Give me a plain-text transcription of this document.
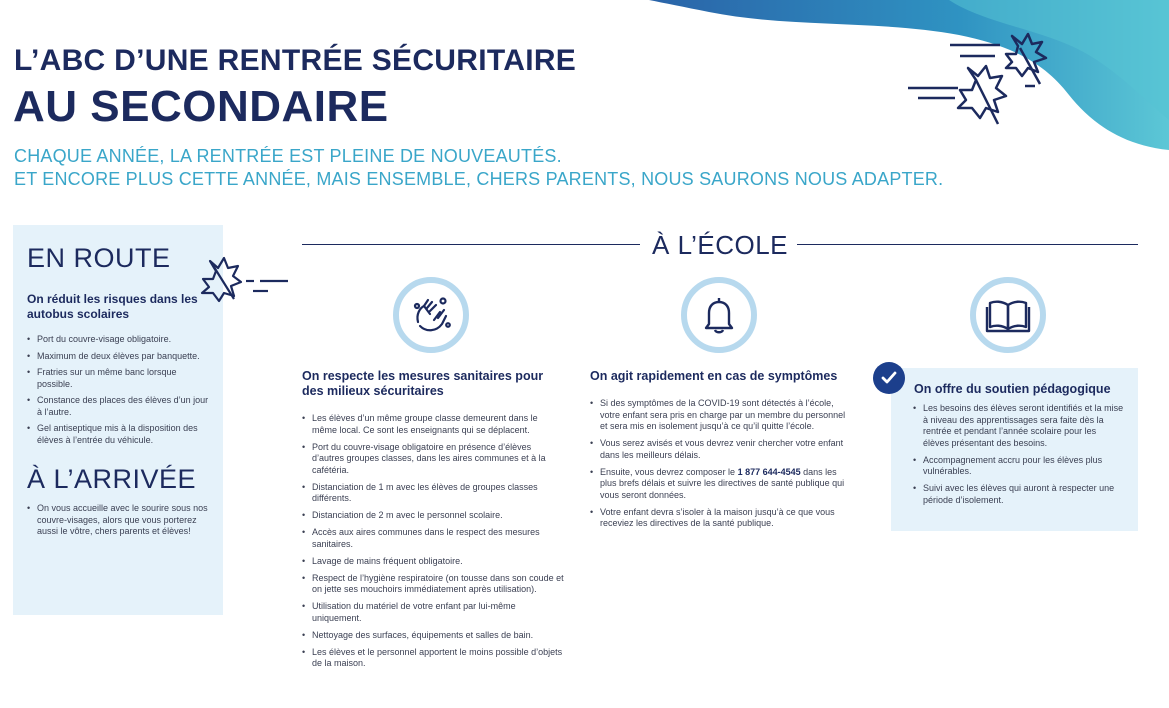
L’ABC D’UNE RENTRÉE SÉCURITAIRE
AU SECONDAIRE
CHAQUE ANNÉE, LA RENTRÉE EST PLEINE DE NOUVEAUTÉS.
ET ENCORE PLUS CETTE ANNÉE, MAIS ENSEMBLE, CHERS PARENTS, NOUS SAURONS NOUS ADAPTER.
EN ROUTE
On réduit les risques dans les autobus scolaires
• Port du couvre-visage obligatoire.
• Maximum de deux élèves par banquette.
• Fratries sur un même banc lorsque possible.
• Constance des places des élèves d’un jour à l’autre.
• Gel antiseptique mis à la disposition des élèves à l’entrée du véhicule.
À L’ARRIVÉE
• On vous accueille avec le sourire sous nos couvre-visages, alors que vous porterez aussi le vôtre, chers parents et élèves!
À L’ÉCOLE
On respecte les mesures sanitaires pour des milieux sécuritaires
• Les élèves d’un même groupe classe demeurent dans le même local. Ce sont les enseignants qui se déplacent.
• Port du couvre-visage obligatoire en présence d’élèves d’autres groupes classes, dans les aires communes et à la cafétéria.
• Distanciation de 1 m avec les élèves de groupes classes différents.
• Distanciation de 2 m avec le personnel scolaire.
• Accès aux aires communes dans le respect des mesures sanitaires.
• Lavage de mains fréquent obligatoire.
• Respect de l’hygiène respiratoire (on tousse dans son coude et on jette ses mouchoirs immédiatement après utilisation).
• Utilisation du matériel de votre enfant par lui-même uniquement.
• Nettoyage des surfaces, équipements et salles de bain.
• Les élèves et le personnel apportent le moins possible d’objets de la maison.
On agit rapidement en cas de symptômes
• Si des symptômes de la COVID-19 sont détectés à l’école, votre enfant sera pris en charge par un membre du personnel et sera mis en isolement jusqu’à ce qu’il quitte l’école.
• Vous serez avisés et vous devrez venir chercher votre enfant dans les meilleurs délais.
• Ensuite, vous devrez composer le 1 877 644-4545 dans les plus brefs délais et suivre les directives de santé publique qui vous seront données.
• Votre enfant devra s’isoler à la maison jusqu’à ce que vous receviez les directives de la santé publique.
On offre du soutien pédagogique
• Les besoins des élèves seront identifiés et la mise à niveau des apprentissages sera faite dès la rentrée et pendant l’année scolaire pour les élèves présentant des besoins.
• Accompagnement accru pour les élèves plus vulnérables.
• Suivi avec les élèves qui auront à respecter une période d’isolement.
